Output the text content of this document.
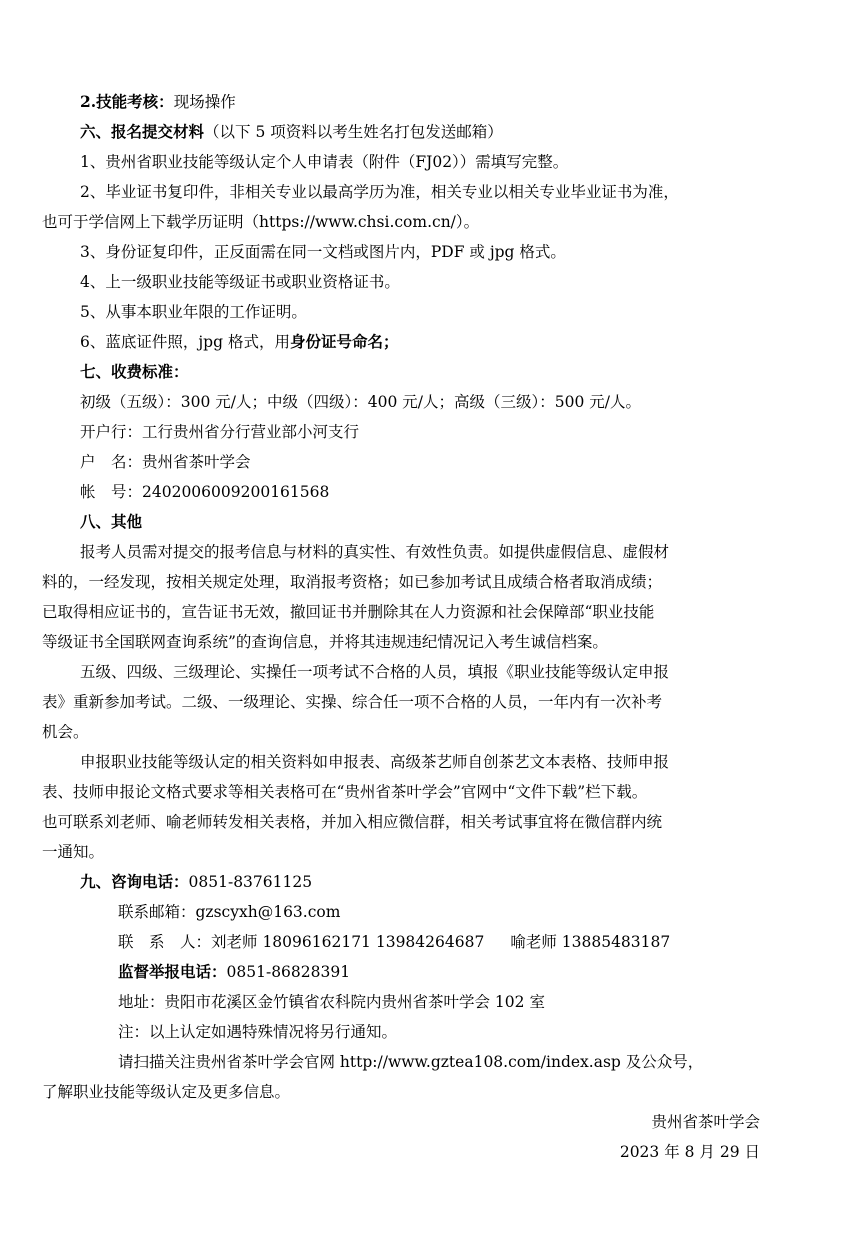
2.技能考核：现场操作
六、报名提交材料（以下 5 项资料以考生姓名打包发送邮箱）
1、贵州省职业技能等级认定个人申请表（附件（FJ02））需填写完整。
2、毕业证书复印件，非相关专业以最高学历为准，相关专业以相关专业毕业证书为准，
也可于学信网上下载学历证明（https://www.chsi.com.cn/）。
3、身份证复印件，正反面需在同一文档或图片内，PDF 或 jpg 格式。
4、上一级职业技能等级证书或职业资格证书。
5、从事本职业年限的工作证明。
6、蓝底证件照，jpg 格式，用身份证号命名；
七、收费标准：
初级（五级）：300 元/人；中级（四级）：400 元/人；高级（三级）：500 元/人。
开户行：工行贵州省分行营业部小河支行
户　名：贵州省茶叶学会
帐　号：2402006009200161568
八、其他
报考人员需对提交的报考信息与材料的真实性、有效性负责。如提供虚假信息、虚假材
料的，一经发现，按相关规定处理，取消报考资格；如已参加考试且成绩合格者取消成绩；
已取得相应证书的，宣告证书无效，撤回证书并删除其在人力资源和社会保障部“职业技能
等级证书全国联网查询系统”的查询信息，并将其违规违纪情况记入考生诚信档案。
五级、四级、三级理论、实操任一项考试不合格的人员，填报《职业技能等级认定申报
表》重新参加考试。二级、一级理论、实操、综合任一项不合格的人员，一年内有一次补考
机会。
申报职业技能等级认定的相关资料如申报表、高级茶艺师自创茶艺文本表格、技师申报
表、技师申报论文格式要求等相关表格可在“贵州省茶叶学会”官网中“文件下载”栏下载。
也可联系刘老师、喻老师转发相关表格，并加入相应微信群，相关考试事宜将在微信群内统
一通知。
九、咨询电话：0851-83761125
联系邮箱：gzscyxh@163.com
联　系　人：刘老师 18096162171 13984264687 喻老师 13885483187
监督举报电话：0851-86828391
地址：贵阳市花溪区金竹镇省农科院内贵州省茶叶学会 102 室
注：以上认定如遇特殊情况将另行通知。
请扫描关注贵州省茶叶学会官网 http://www.gztea108.com/index.asp 及公众号，
了解职业技能等级认定及更多信息。
贵州省茶叶学会
2023 年 8 月 29 日
